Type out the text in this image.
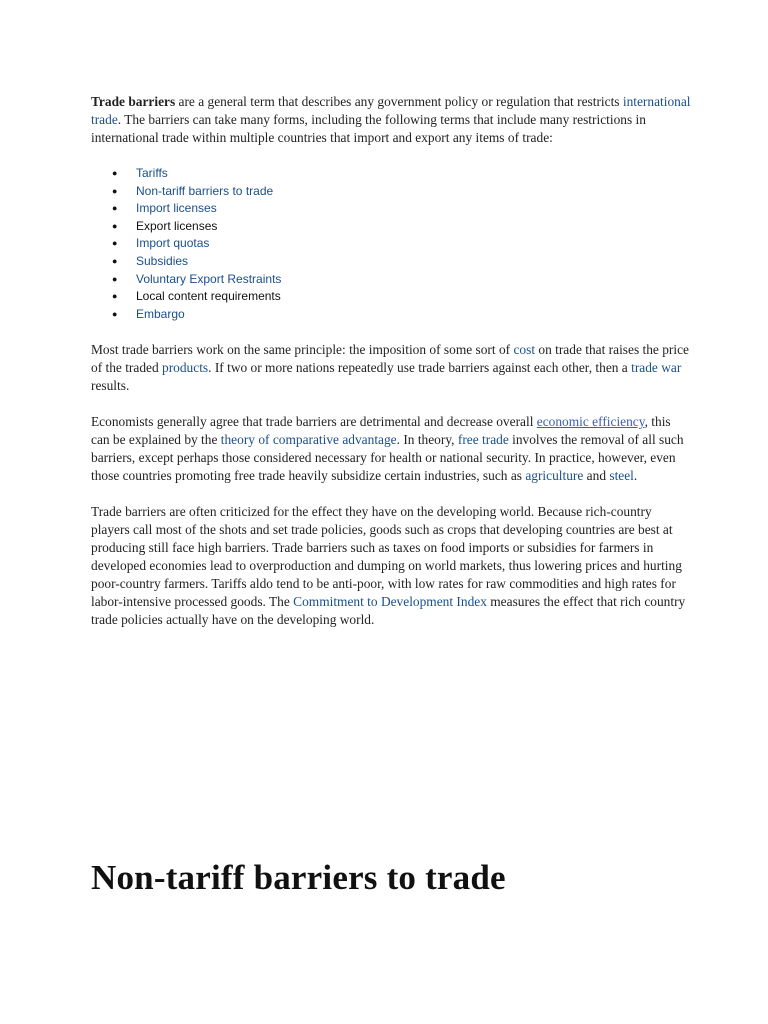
Trade barriers are a general term that describes any government policy or regulation that restricts international trade. The barriers can take many forms, including the following terms that include many restrictions in international trade within multiple countries that import and export any items of trade:

● Tariffs
● Non-tariff barriers to trade
● Import licenses
● Export licenses
● Import quotas
● Subsidies
● Voluntary Export Restraints
● Local content requirements
● Embargo

Most trade barriers work on the same principle: the imposition of some sort of cost on trade that raises the price of the traded products. If two or more nations repeatedly use trade barriers against each other, then a trade war results.

Economists generally agree that trade barriers are detrimental and decrease overall economic efficiency, this can be explained by the theory of comparative advantage. In theory, free trade involves the removal of all such barriers, except perhaps those considered necessary for health or national security. In practice, however, even those countries promoting free trade heavily subsidize certain industries, such as agriculture and steel.

Trade barriers are often criticized for the effect they have on the developing world. Because rich-country players call most of the shots and set trade policies, goods such as crops that developing countries are best at producing still face high barriers. Trade barriers such as taxes on food imports or subsidies for farmers in developed economies lead to overproduction and dumping on world markets, thus lowering prices and hurting poor-country farmers. Tariffs aldo tend to be anti-poor, with low rates for raw commodities and high rates for labor-intensive processed goods. The Commitment to Development Index measures the effect that rich country trade policies actually have on the developing world.

Non-tariff barriers to trade
